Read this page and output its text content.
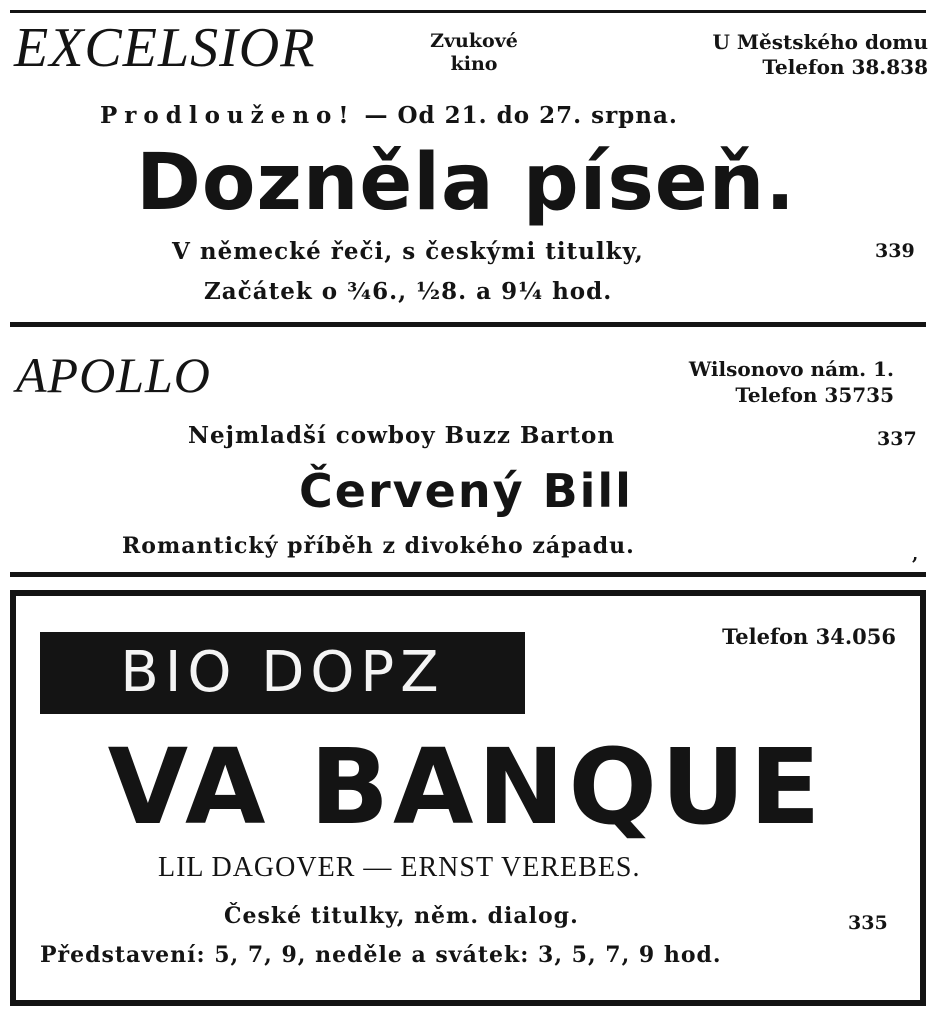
EXCELSIOR	Zvukové
kino
U Městského domu
Telefon 38.838
Prodlouženo! — Od 21. do 27. srpna.
Dozněla píseň.
V německé řeči, s českými titulky,	339
Začátek o ¾6., ½8. a 9¼ hod.
APOLLO	Wilsonovo nám. 1.
Telefon 35735
Nejmladší cowboy Buzz Barton	337
Červený Bill
Romantický příběh z divokého západu.	,
BIO DOPZ
Telefon 34.056
VA BANQUE
LIL DAGOVER — ERNST VEREBES.
České titulky, něm. dialog.	335
Představení: 5, 7, 9, neděle a svátek: 3, 5, 7, 9 hod.
